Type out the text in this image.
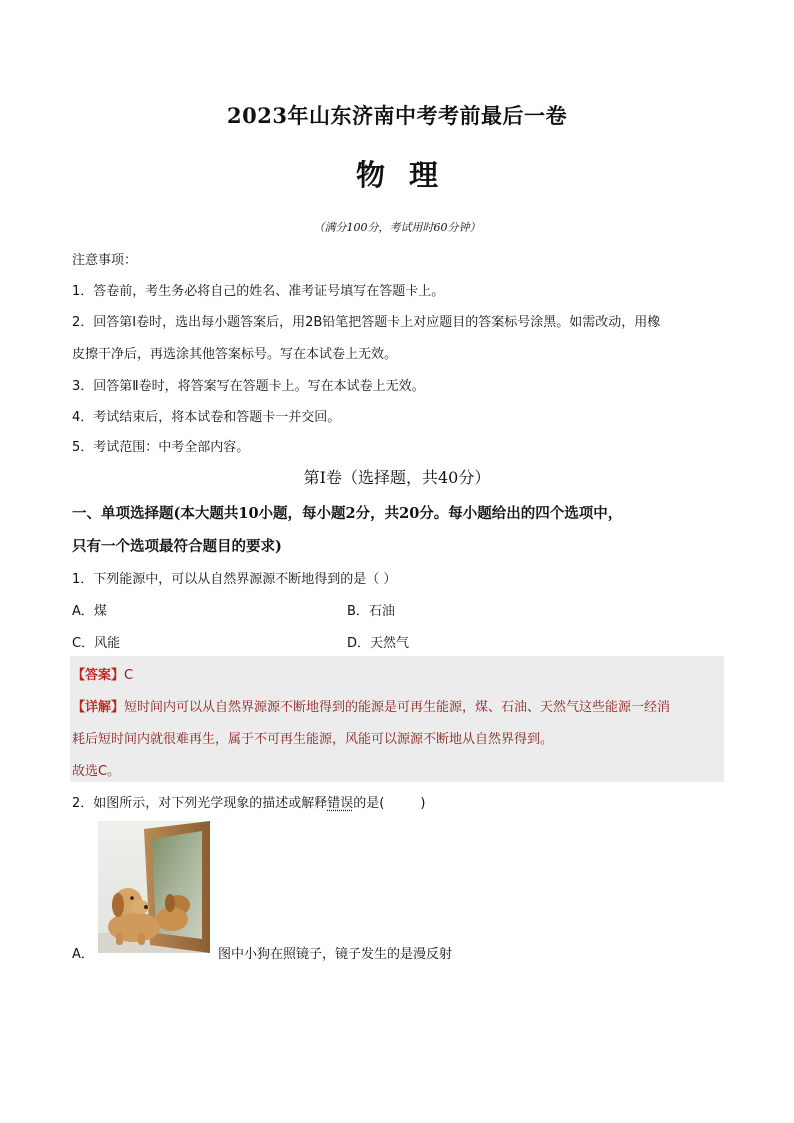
2023年山东济南中考考前最后一卷
物理
（满分100分，考试用时60分钟）
注意事项：
1．答卷前，考生务必将自己的姓名、准考证号填写在答题卡上。
2．回答第Ⅰ卷时，选出每小题答案后，用2B铅笔把答题卡上对应题目的答案标号涂黑。如需改动，用橡
皮擦干净后，再选涂其他答案标号。写在本试卷上无效。
3．回答第Ⅱ卷时，将答案写在答题卡上。写在本试卷上无效。
4．考试结束后，将本试卷和答题卡一并交回。
5．考试范围：中考全部内容。
第Ⅰ卷（选择题，共40分）
一、单项选择题(本大题共10小题，每小题2分，共20分。每小题给出的四个选项中，
只有一个选项最符合题目的要求)
1．下列能源中，可以从自然界源源不断地得到的是（ ）
A．煤	B．石油
C．风能	D．天然气
【答案】C
【详解】短时间内可以从自然界源源不断地得到的能源是可再生能源，煤、石油、天然气这些能源一经消
耗后短时间内就很难再生，属于不可再生能源，风能可以源源不断地从自然界得到。
故选C。
2．如图所示，对下列光学现象的描述或解释错误的是(	)
A．	图中小狗在照镜子，镜子发生的是漫反射
